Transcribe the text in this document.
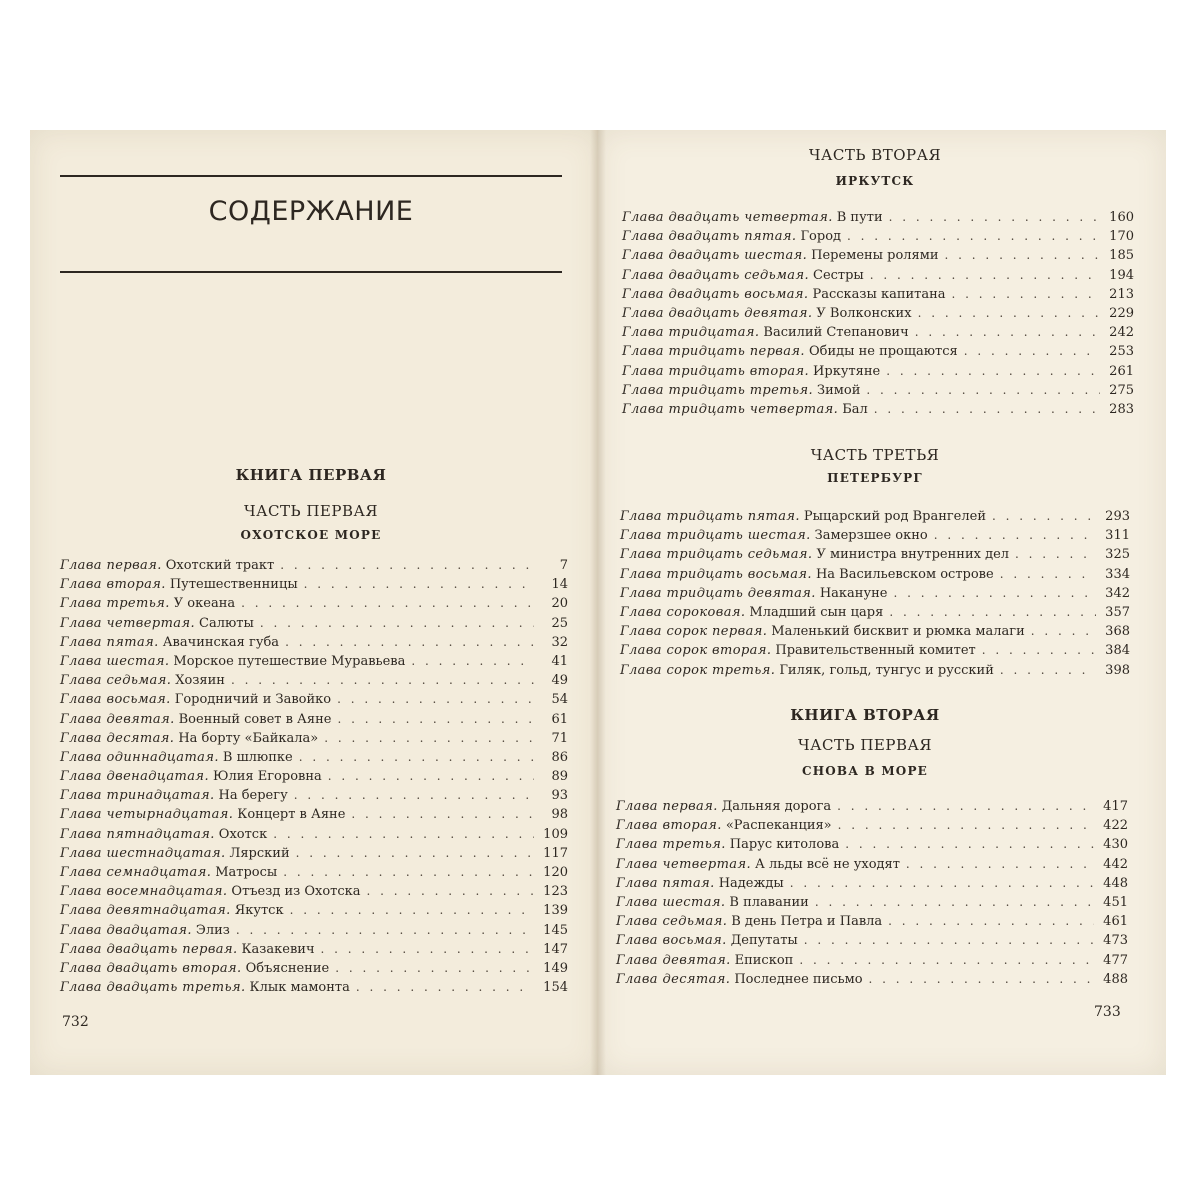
СОДЕРЖАНИЕ
КНИГА ПЕРВАЯ
ЧАСТЬ ПЕРВАЯ
ОХОТСКОЕ МОРЕ
Глава первая. Охотский тракт . . .	7
Глава вторая. Путешественницы . . .	14
Глава третья. У океана . . .	20
Глава четвертая. Салюты . . .	25
Глава пятая. Авачинская губа . . .	32
Глава шестая. Морское путешествие Муравьева . . .	41
Глава седьмая. Хозяин . . .	49
Глава восьмая. Городничий и Завойко . . .	54
Глава девятая. Военный совет в Аяне . . .	61
Глава десятая. На борту «Байкала» . . .	71
Глава одиннадцатая. В шлюпке . . .	86
Глава двенадцатая. Юлия Егоровна . . .	89
Глава тринадцатая. На берегу . . .	93
Глава четырнадцатая. Концерт в Аяне . . .	98
Глава пятнадцатая. Охотск . . .	109
Глава шестнадцатая. Лярский . . .	117
Глава семнадцатая. Матросы . . .	120
Глава восемнадцатая. Отъезд из Охотска . . .	123
Глава девятнадцатая. Якутск . . .	139
Глава двадцатая. Элиз . . .	145
Глава двадцать первая. Казакевич . . .	147
Глава двадцать вторая. Объяснение . . .	149
Глава двадцать третья. Клык мамонта . . .	154
732
ЧАСТЬ ВТОРАЯ
ИРКУТСК
Глава двадцать четвертая. В пути . . .	160
Глава двадцать пятая. Город . . .	170
Глава двадцать шестая. Перемены ролями . . .	185
Глава двадцать седьмая. Сестры . . .	194
Глава двадцать восьмая. Рассказы капитана . . .	213
Глава двадцать девятая. У Волконских . . .	229
Глава тридцатая. Василий Степанович . . .	242
Глава тридцать первая. Обиды не прощаются . . .	253
Глава тридцать вторая. Иркутяне . . .	261
Глава тридцать третья. Зимой . . .	275
Глава тридцать четвертая. Бал . . .	283
ЧАСТЬ ТРЕТЬЯ
ПЕТЕРБУРГ
Глава тридцать пятая. Рыцарский род Врангелей . . .	293
Глава тридцать шестая. Замерзшее окно . . .	311
Глава тридцать седьмая. У министра внутренних дел . . .	325
Глава тридцать восьмая. На Васильевском острове . . .	334
Глава тридцать девятая. Накануне . . .	342
Глава сороковая. Младший сын царя . . .	357
Глава сорок первая. Маленький бисквит и рюмка малаги . . .	368
Глава сорок вторая. Правительственный комитет . . .	384
Глава сорок третья. Гиляк, гольд, тунгус и русский . . .	398
КНИГА ВТОРАЯ
ЧАСТЬ ПЕРВАЯ
СНОВА В МОРЕ
Глава первая. Дальняя дорога . . .	417
Глава вторая. «Распеканция» . . .	422
Глава третья. Парус китолова . . .	430
Глава четвертая. А льды всё не уходят . . .	442
Глава пятая. Надежды . . .	448
Глава шестая. В плавании . . .	451
Глава седьмая. В день Петра и Павла . . .	461
Глава восьмая. Депутаты . . .	473
Глава девятая. Епископ . . .	477
Глава десятая. Последнее письмо . . .	488
733
